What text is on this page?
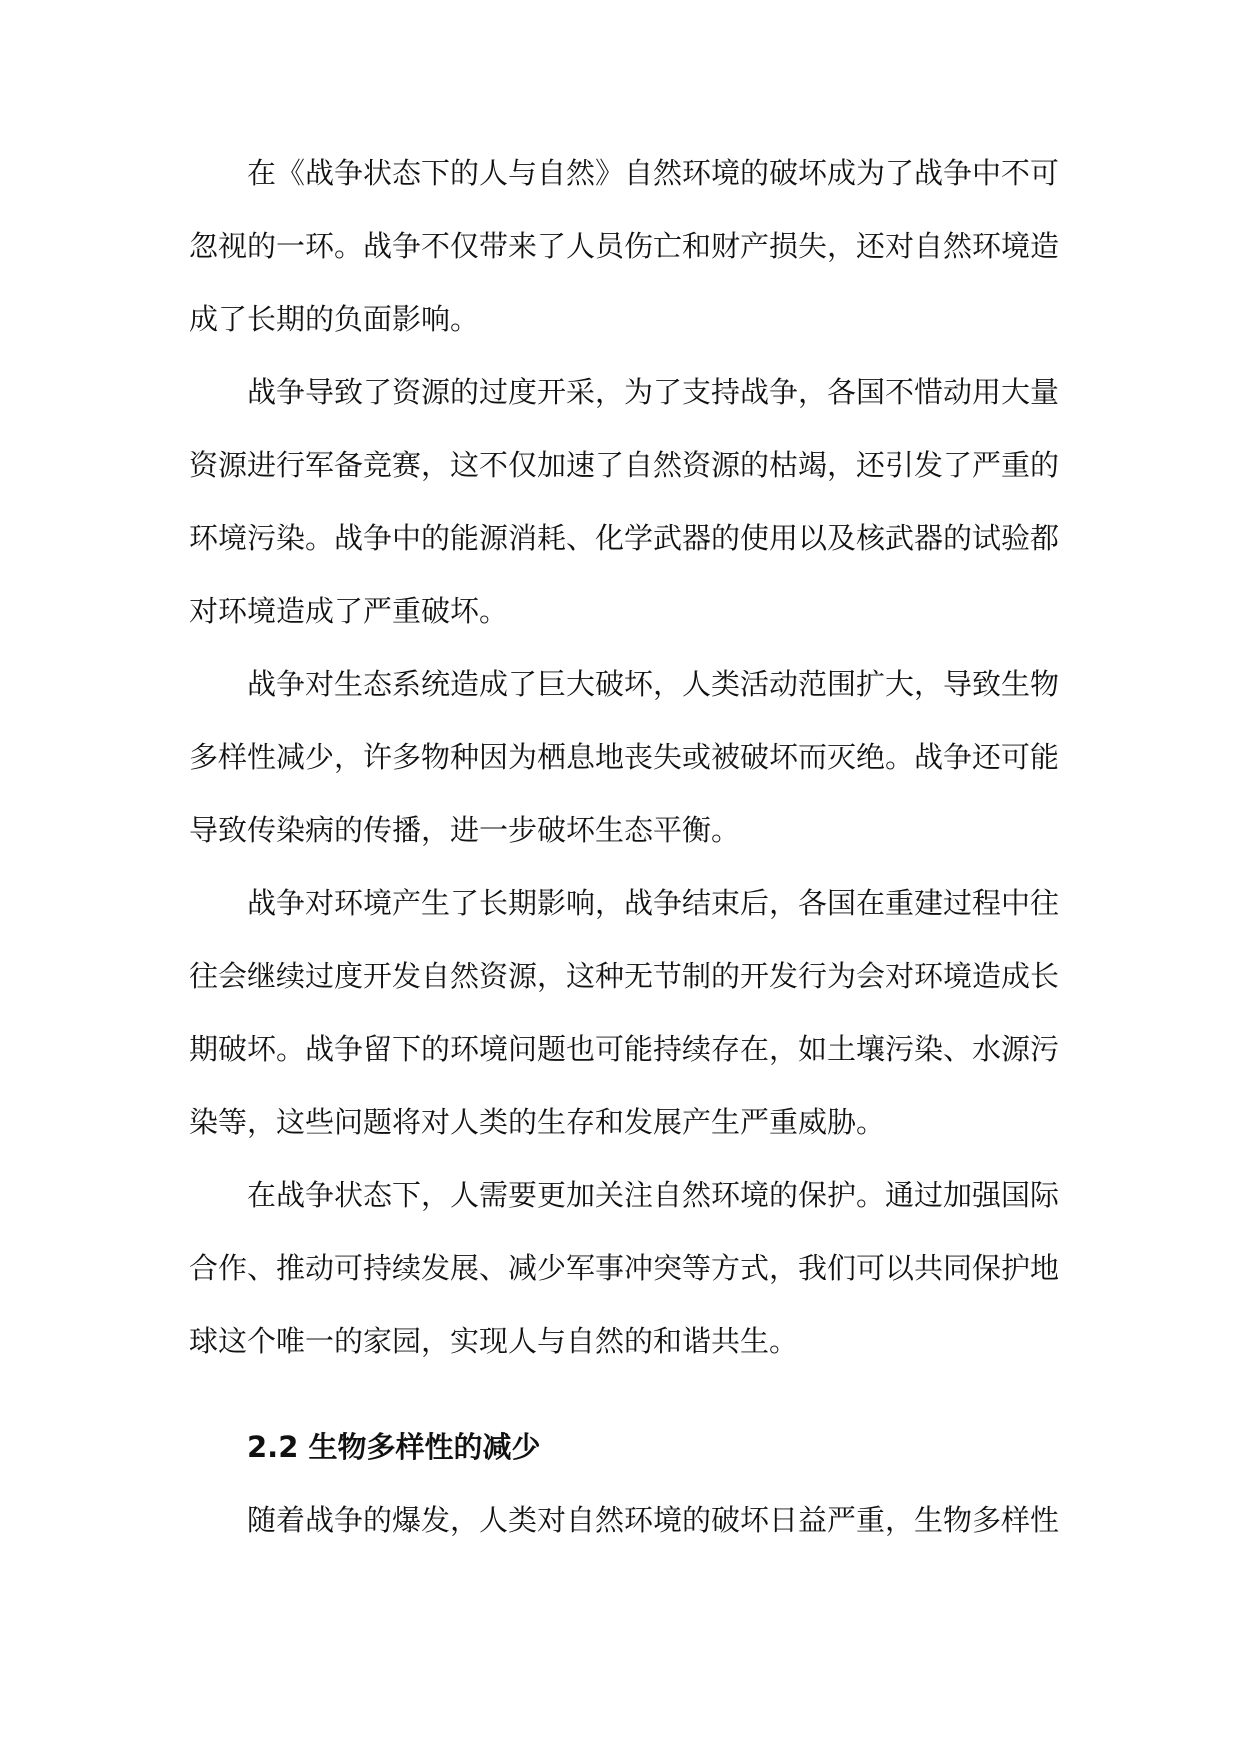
在《战争状态下的人与自然》自然环境的破坏成为了战争中不可忽视的一环。战争不仅带来了人员伤亡和财产损失，还对自然环境造成了长期的负面影响。

战争导致了资源的过度开采，为了支持战争，各国不惜动用大量资源进行军备竞赛，这不仅加速了自然资源的枯竭，还引发了严重的环境污染。战争中的能源消耗、化学武器的使用以及核武器的试验都对环境造成了严重破坏。

战争对生态系统造成了巨大破坏，人类活动范围扩大，导致生物多样性减少，许多物种因为栖息地丧失或被破坏而灭绝。战争还可能导致传染病的传播，进一步破坏生态平衡。

战争对环境产生了长期影响，战争结束后，各国在重建过程中往往会继续过度开发自然资源，这种无节制的开发行为会对环境造成长期破坏。战争留下的环境问题也可能持续存在，如土壤污染、水源污染等，这些问题将对人类的生存和发展产生严重威胁。

在战争状态下，人需要更加关注自然环境的保护。通过加强国际合作、推动可持续发展、减少军事冲突等方式，我们可以共同保护地球这个唯一的家园，实现人与自然的和谐共生。

2.2 生物多样性的减少

随着战争的爆发，人类对自然环境的破坏日益严重，生物多样性
